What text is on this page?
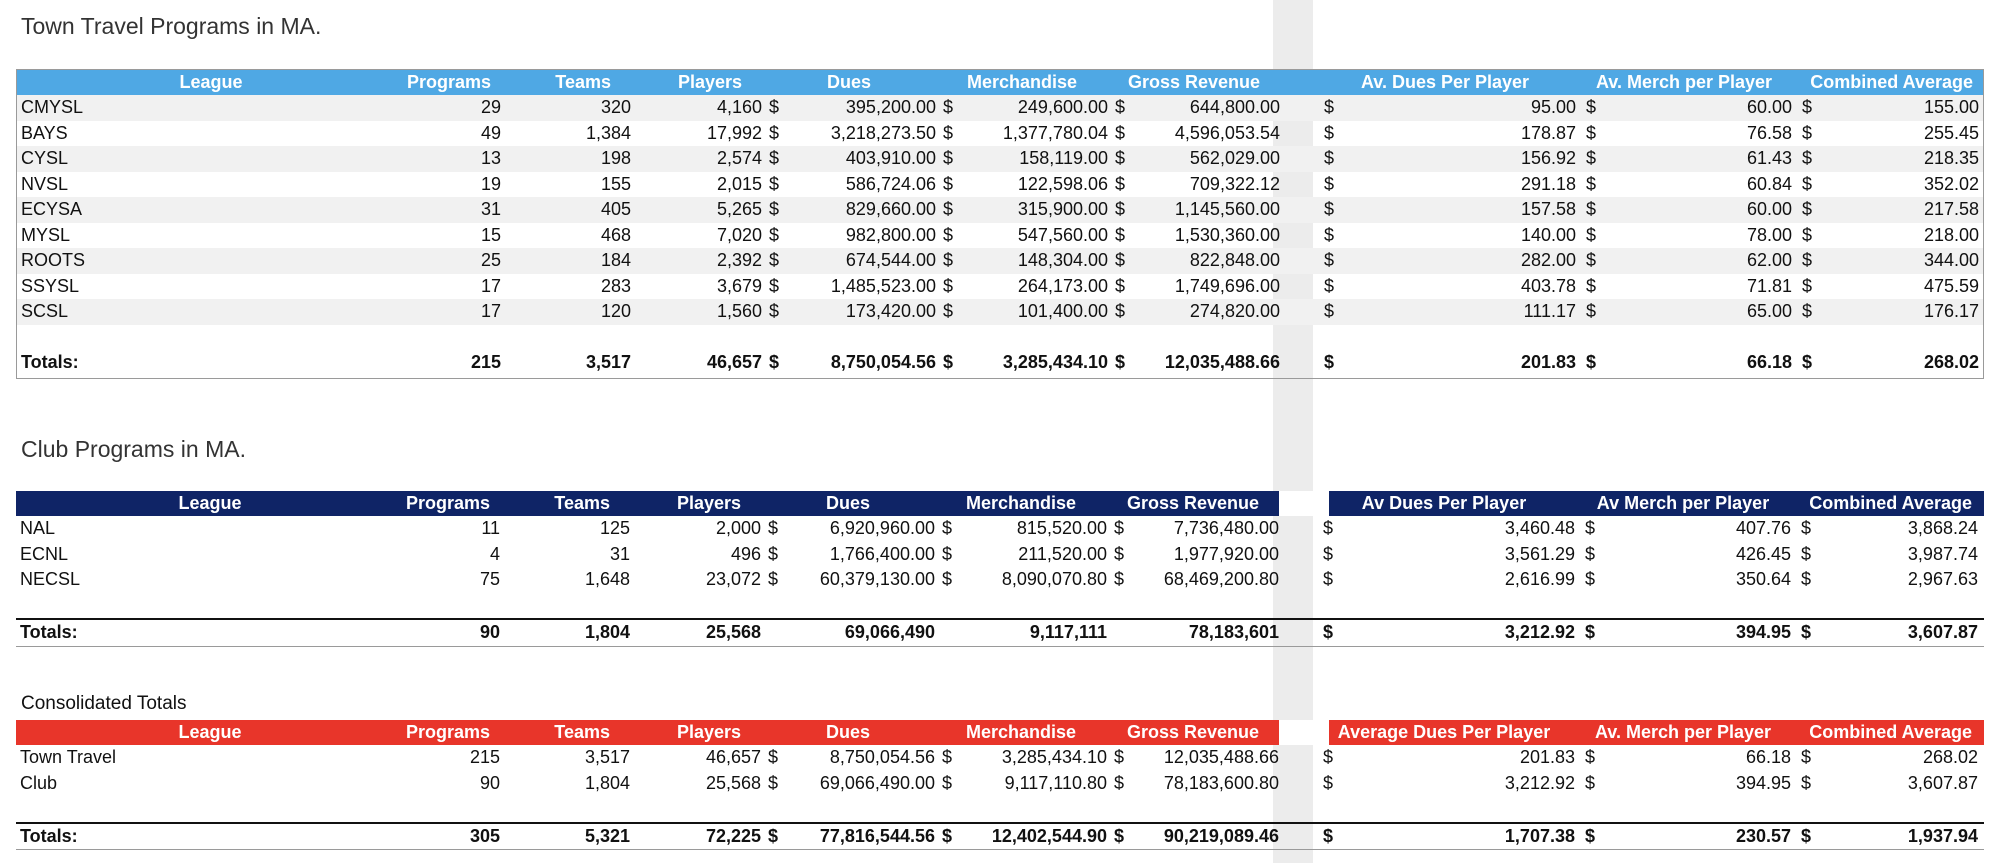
Town Travel Programs in MA.
League	Programs	Teams	Players	Dues	Merchandise	Gross Revenue	Av. Dues Per Player	Av. Merch per Player	Combined Average
CMYSL	29	320	4,160 $	395,200.00 $	249,600.00 $	644,800.00 $	95.00 $	60.00 $	155.00
BAYS	49	1,384	17,992 $	3,218,273.50 $	1,377,780.04 $	4,596,053.54 $	178.87 $	76.58 $	255.45
CYSL	13	198	2,574 $	403,910.00 $	158,119.00 $	562,029.00 $	156.92 $	61.43 $	218.35
NVSL	19	155	2,015 $	586,724.06 $	122,598.06 $	709,322.12 $	291.18 $	60.84 $	352.02
ECYSA	31	405	5,265 $	829,660.00 $	315,900.00 $	1,145,560.00 $	157.58 $	60.00 $	217.58
MYSL	15	468	7,020 $	982,800.00 $	547,560.00 $	1,530,360.00 $	140.00 $	78.00 $	218.00
ROOTS	25	184	2,392 $	674,544.00 $	148,304.00 $	822,848.00 $	282.00 $	62.00 $	344.00
SSYSL	17	283	3,679 $	1,485,523.00 $	264,173.00 $	1,749,696.00 $	403.78 $	71.81 $	475.59
SCSL	17	120	1,560 $	173,420.00 $	101,400.00 $	274,820.00 $	111.17 $	65.00 $	176.17
Totals:	215	3,517	46,657 $	8,750,054.56 $	3,285,434.10 $	12,035,488.66 $	201.83 $	66.18 $	268.02
Club Programs in MA.
League	Programs	Teams	Players	Dues	Merchandise	Gross Revenue	Av Dues Per Player	Av Merch per Player	Combined Average
NAL	11	125	2,000 $	6,920,960.00 $	815,520.00 $	7,736,480.00 $	3,460.48 $	407.76 $	3,868.24
ECNL	4	31	496 $	1,766,400.00 $	211,520.00 $	1,977,920.00 $	3,561.29 $	426.45 $	3,987.74
NECSL	75	1,648	23,072 $	60,379,130.00 $	8,090,070.80 $	68,469,200.80 $	2,616.99 $	350.64 $	2,967.63
Totals:	90	1,804	25,568	69,066,490	9,117,111	78,183,601 $	3,212.92 $	394.95 $	3,607.87
Consolidated Totals
League	Programs	Teams	Players	Dues	Merchandise	Gross Revenue	Average Dues Per Player	Av. Merch per Player	Combined Average
Town Travel	215	3,517	46,657 $	8,750,054.56 $	3,285,434.10 $	12,035,488.66 $	201.83 $	66.18 $	268.02
Club	90	1,804	25,568 $	69,066,490.00 $	9,117,110.80 $	78,183,600.80 $	3,212.92 $	394.95 $	3,607.87
Totals:	305	5,321	72,225 $	77,816,544.56 $	12,402,544.90 $	90,219,089.46 $	1,707.38 $	230.57 $	1,937.94
